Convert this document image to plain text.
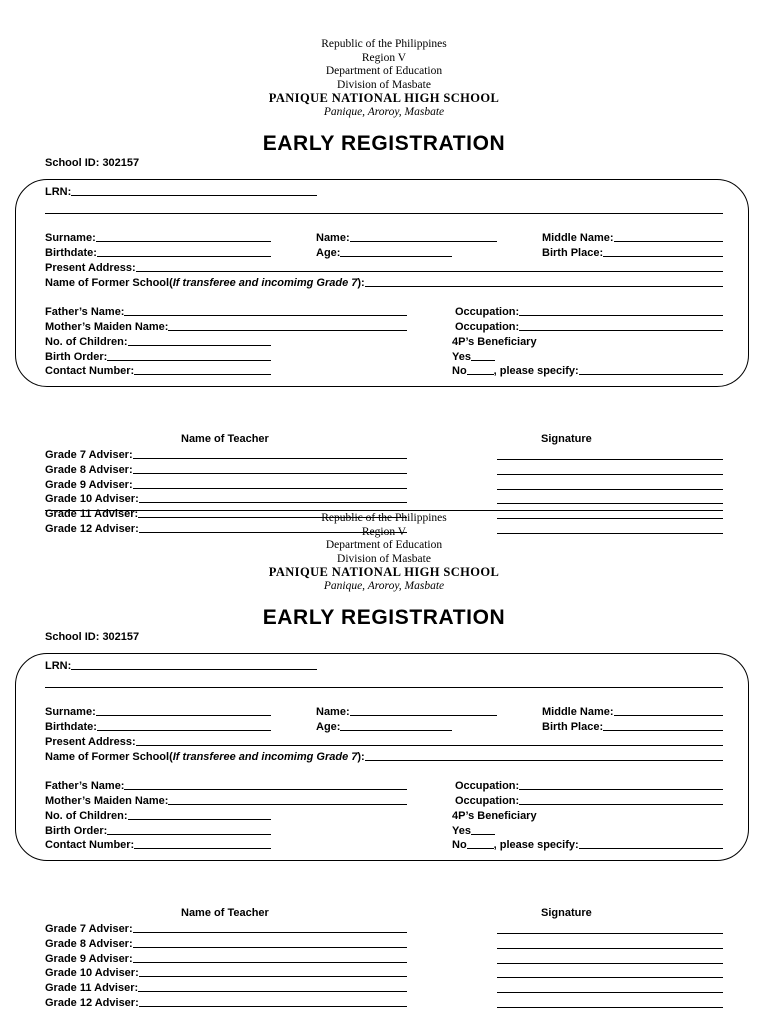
Republic of the Philippines
Region V
Department of Education
Division of Masbate
PANIQUE NATIONAL HIGH SCHOOL
Panique, Aroroy, Masbate
EARLY REGISTRATION
School ID: 302157
LRN:
Surname:	Name:	Middle Name:
Birthdate:	Age:	Birth Place:
Present Address:
Name of Former School(If transferee and incomimg Grade 7):
Father’s Name:	Occupation:
Mother’s Maiden Name:	Occupation:
No. of Children:	4P’s Beneficiary
Birth Order:	Yes
Contact Number:	No , please specify:
Name of Teacher	Signature
Grade 7 Adviser:
Grade 8 Adviser:
Grade 9 Adviser:
Grade 10 Adviser:
Grade 11 Adviser:
Grade 12 Adviser:
Republic of the Philippines
Region V
Department of Education
Division of Masbate
PANIQUE NATIONAL HIGH SCHOOL
Panique, Aroroy, Masbate
EARLY REGISTRATION
School ID: 302157
LRN:
Surname:	Name:	Middle Name:
Birthdate:	Age:	Birth Place:
Present Address:
Name of Former School(If transferee and incomimg Grade 7):
Father’s Name:	Occupation:
Mother’s Maiden Name:	Occupation:
No. of Children:	4P’s Beneficiary
Birth Order:	Yes
Contact Number:	No , please specify:
Name of Teacher	Signature
Grade 7 Adviser:
Grade 8 Adviser:
Grade 9 Adviser:
Grade 10 Adviser:
Grade 11 Adviser:
Grade 12 Adviser:
